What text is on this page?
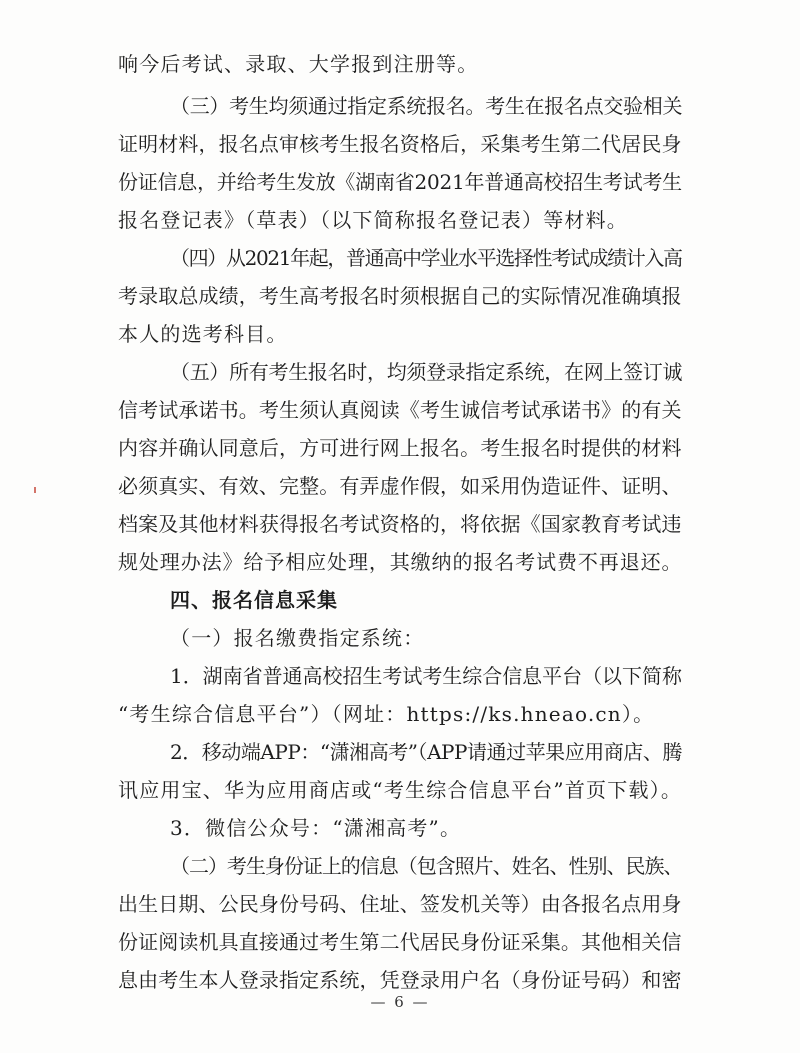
响今后考试、录取、大学报到注册等。
（三）考生均须通过指定系统报名。考生在报名点交验相关
证明材料，报名点审核考生报名资格后，采集考生第二代居民身
份证信息，并给考生发放《湖南省2021年普通高校招生考试考生
报名登记表》（草表）（以下简称报名登记表）等材料。
（四）从2021年起，普通高中学业水平选择性考试成绩计入高
考录取总成绩，考生高考报名时须根据自己的实际情况准确填报
本人的选考科目。
（五）所有考生报名时，均须登录指定系统，在网上签订诚
信考试承诺书。考生须认真阅读《考生诚信考试承诺书》的有关
内容并确认同意后，方可进行网上报名。考生报名时提供的材料
必须真实、有效、完整。有弄虚作假，如采用伪造证件、证明、
档案及其他材料获得报名考试资格的，将依据《国家教育考试违
规处理办法》给予相应处理，其缴纳的报名考试费不再退还。
四、报名信息采集
（一）报名缴费指定系统：
1．湖南省普通高校招生考试考生综合信息平台（以下简称
“考生综合信息平台”）（网址：https://ks.hneao.cn）。
2．移动端APP：“潇湘高考”（APP请通过苹果应用商店、腾
讯应用宝、华为应用商店或“考生综合信息平台”首页下载）。
3．微信公众号：“潇湘高考”。
（二）考生身份证上的信息（包含照片、姓名、性别、民族、
出生日期、公民身份号码、住址、签发机关等）由各报名点用身
份证阅读机具直接通过考生第二代居民身份证采集。其他相关信
息由考生本人登录指定系统，凭登录用户名（身份证号码）和密
— 6 —
